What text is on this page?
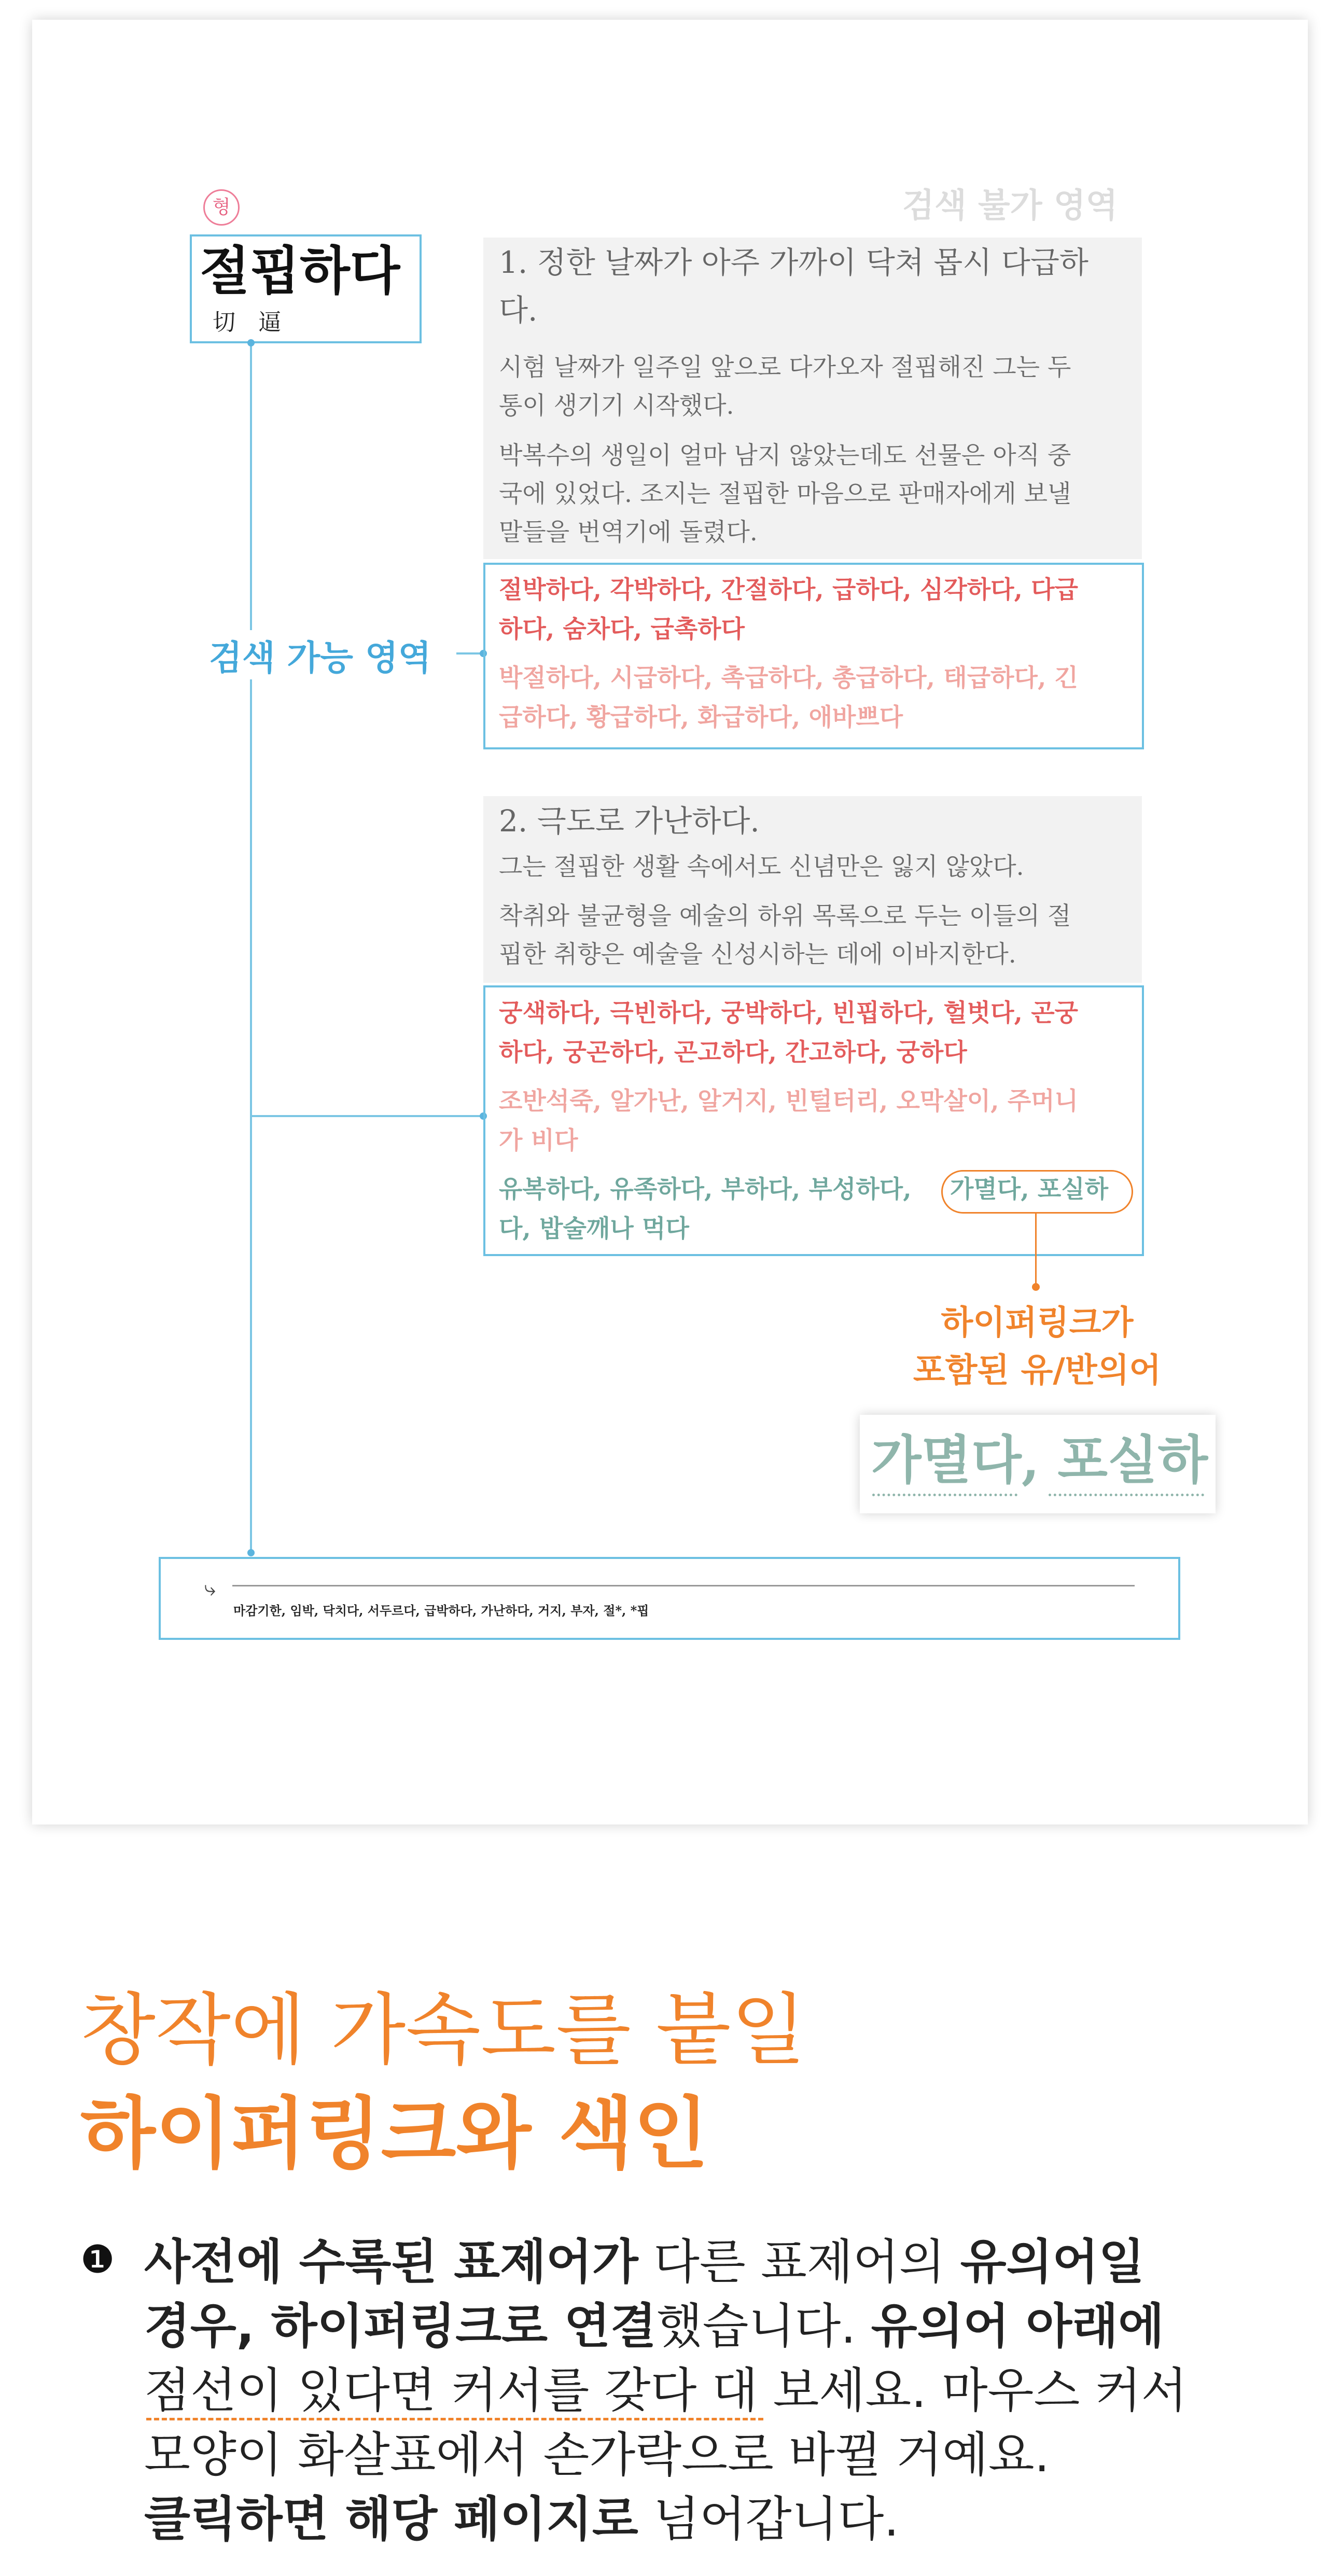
검색 불가 영역
형
절핍하다
切 逼
검색 가능 영역
1. 정한 날짜가 아주 가까이 닥쳐 몹시 다급하
다.
시험 날짜가 일주일 앞으로 다가오자 절핍해진 그는 두
통이 생기기 시작했다.
박복수의 생일이 얼마 남지 않았는데도 선물은 아직 중
국에 있었다. 조지는 절핍한 마음으로 판매자에게 보낼
말들을 번역기에 돌렸다.
절박하다, 각박하다, 간절하다, 급하다, 심각하다, 다급
하다, 숨차다, 급촉하다
박절하다, 시급하다, 촉급하다, 총급하다, 태급하다, 긴
급하다, 황급하다, 화급하다, 애바쁘다
2. 극도로 가난하다.
그는 절핍한 생활 속에서도 신념만은 잃지 않았다.
착취와 불균형을 예술의 하위 목록으로 두는 이들의 절
핍한 취향은 예술을 신성시하는 데에 이바지한다.
궁색하다, 극빈하다, 궁박하다, 빈핍하다, 헐벗다, 곤궁
하다, 궁곤하다, 곤고하다, 간고하다, 궁하다
조반석죽, 알가난, 알거지, 빈털터리, 오막살이, 주머니
가 비다
유복하다, 유족하다, 부하다, 부성하다, 가멸다, 포실하
다, 밥술깨나 먹다
하이퍼링크가
포함된 유/반의어
가멸다, 포실하
⤷
마감기한, 임박, 닥치다, 서두르다, 급박하다, 가난하다, 거지, 부자, 절*, *핍
창작에 가속도를 붙일
하이퍼링크와 색인
❶ 사전에 수록된 표제어가 다른 표제어의 유의어일
경우, 하이퍼링크로 연결했습니다. 유의어 아래에
점선이 있다면 커서를 갖다 대 보세요. 마우스 커서
모양이 화살표에서 손가락으로 바뀔 거예요.
클릭하면 해당 페이지로 넘어갑니다.
